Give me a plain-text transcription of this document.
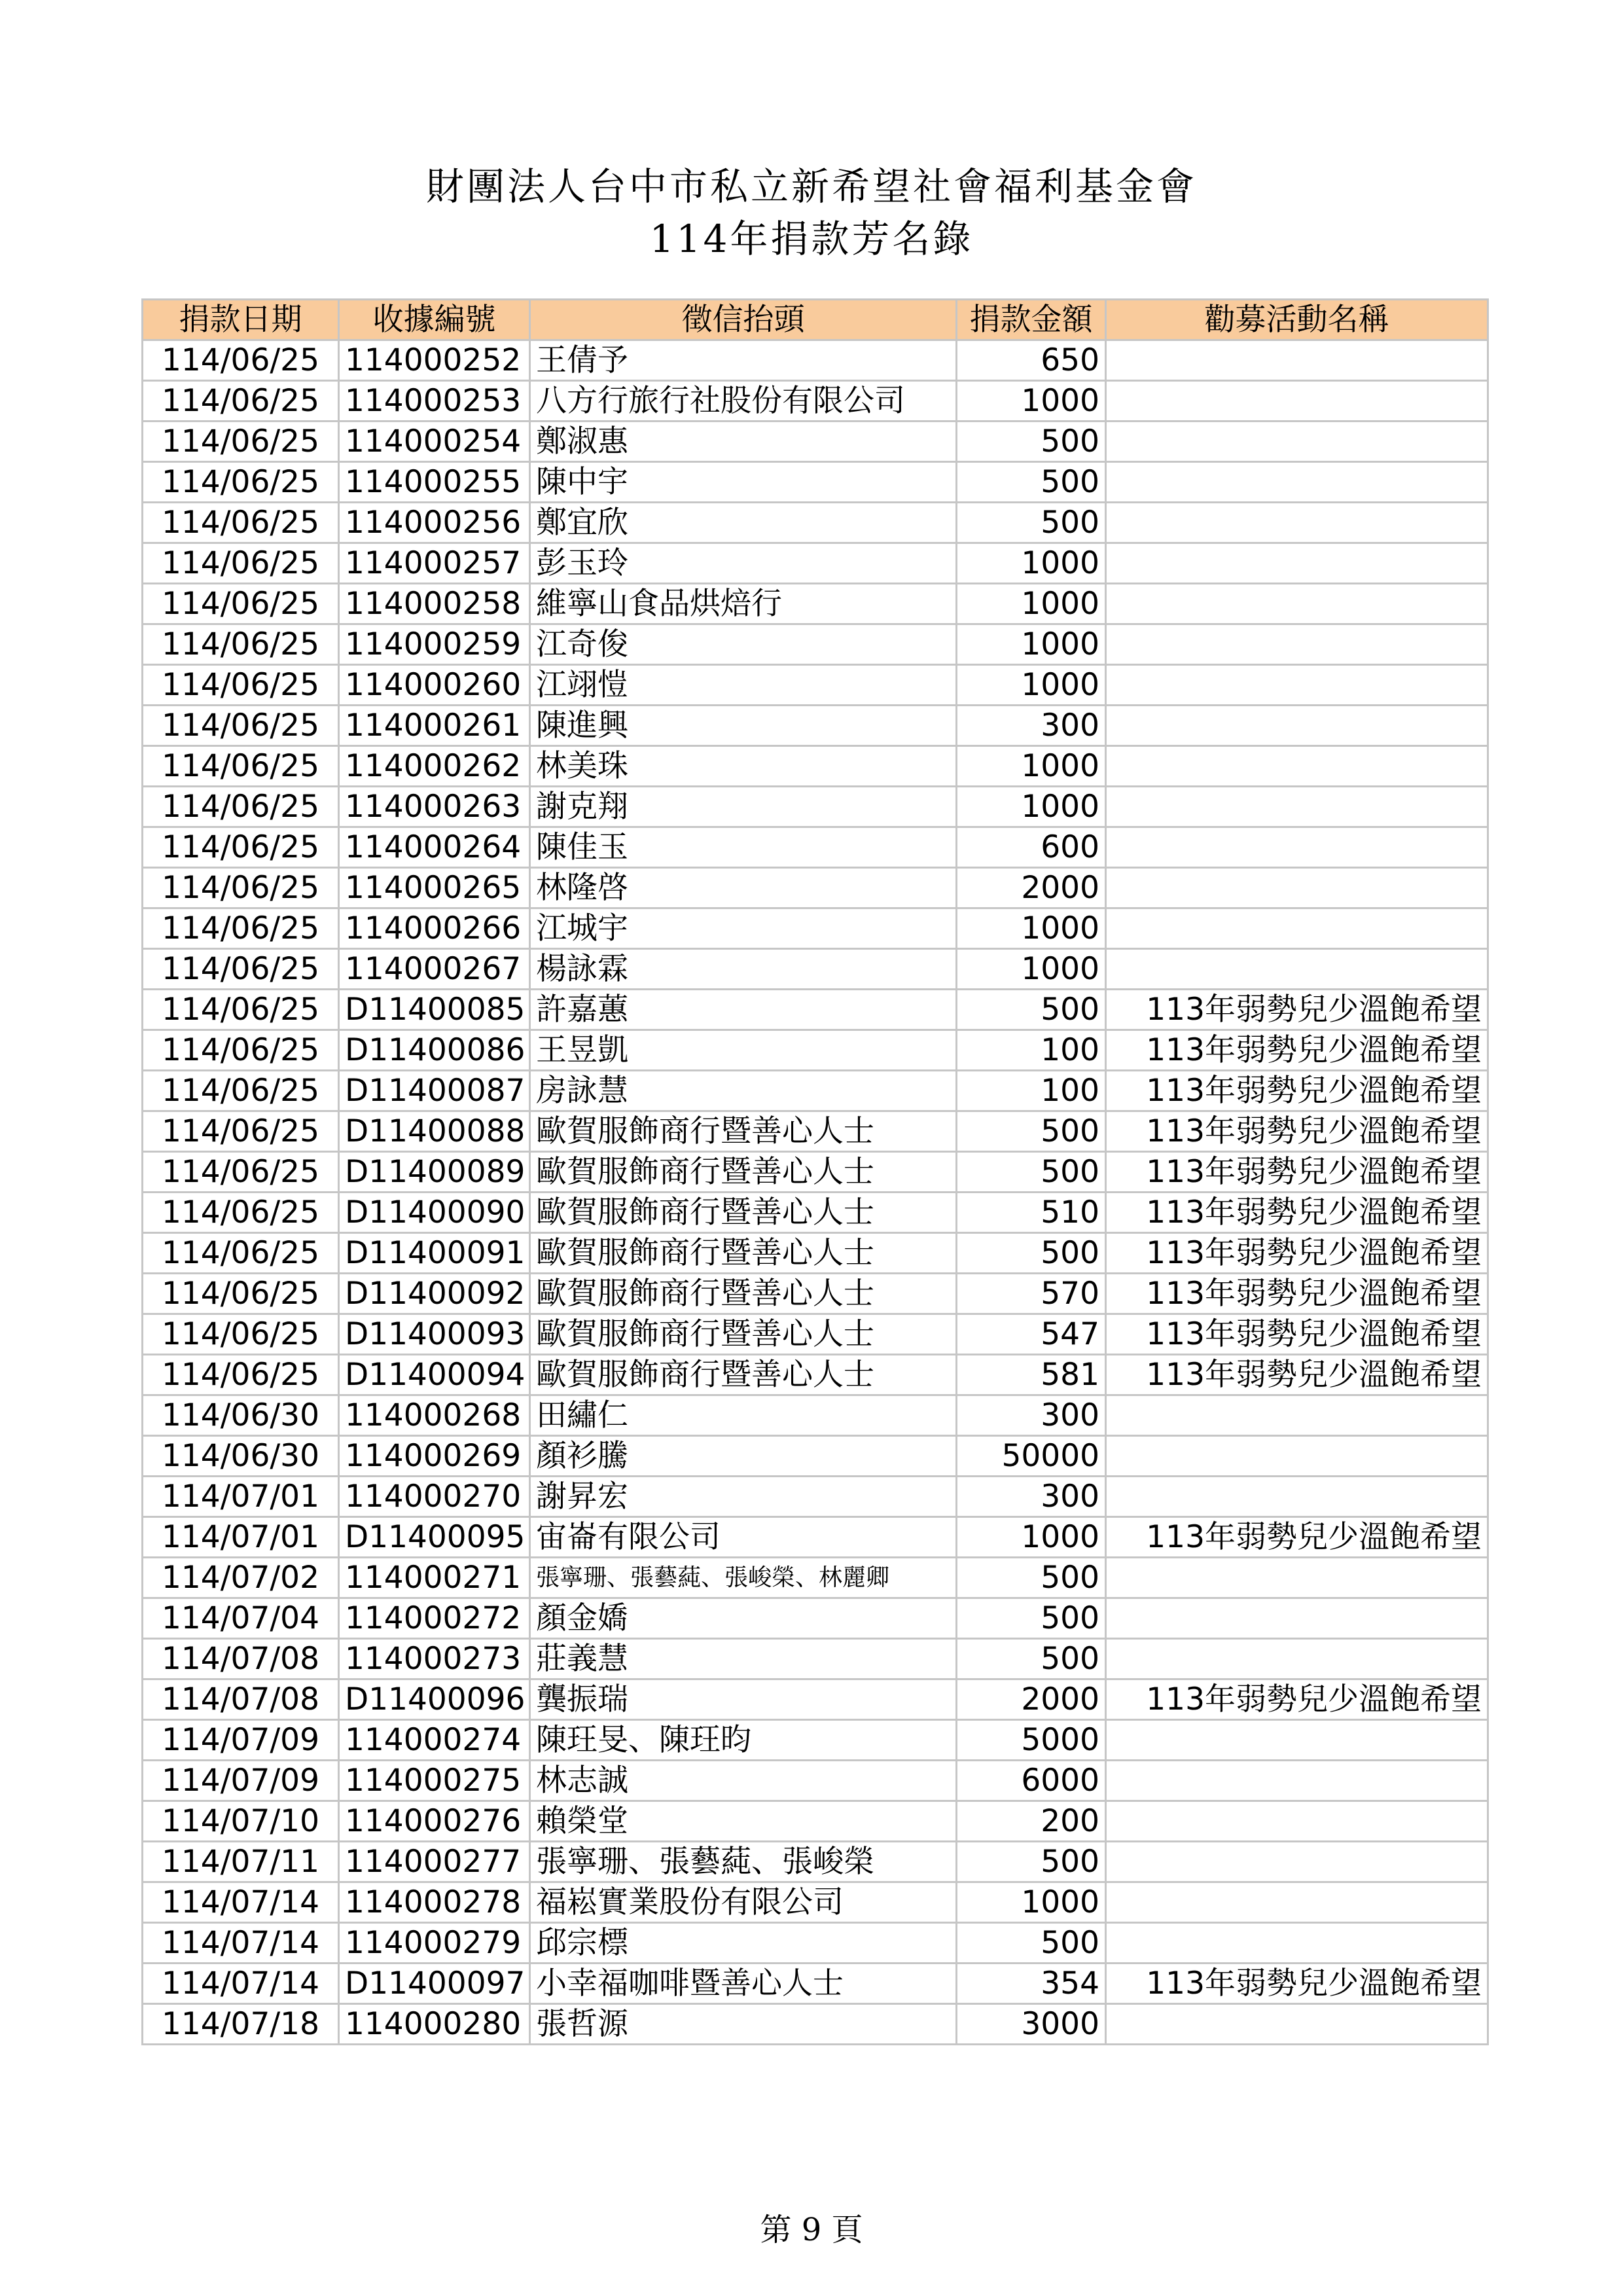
財團法人台中市私立新希望社會福利基金會
114年捐款芳名錄
捐款日期	收據編號	徵信抬頭	捐款金額	勸募活動名稱
114/06/25	114000252	王倩予	650	
114/06/25	114000253	八方行旅行社股份有限公司	1000	
114/06/25	114000254	鄭淑惠	500	
114/06/25	114000255	陳中宇	500	
114/06/25	114000256	鄭宜欣	500	
114/06/25	114000257	彭玉玲	1000	
114/06/25	114000258	維寧山食品烘焙行	1000	
114/06/25	114000259	江奇俊	1000	
114/06/25	114000260	江翊愷	1000	
114/06/25	114000261	陳進興	300	
114/06/25	114000262	林美珠	1000	
114/06/25	114000263	謝克翔	1000	
114/06/25	114000264	陳佳玉	600	
114/06/25	114000265	林隆啓	2000	
114/06/25	114000266	江城宇	1000	
114/06/25	114000267	楊詠霖	1000	
114/06/25	D11400085	許嘉蕙	500	113年弱勢兒少溫飽希望
114/06/25	D11400086	王昱凱	100	113年弱勢兒少溫飽希望
114/06/25	D11400087	房詠慧	100	113年弱勢兒少溫飽希望
114/06/25	D11400088	歐賀服飾商行暨善心人士	500	113年弱勢兒少溫飽希望
114/06/25	D11400089	歐賀服飾商行暨善心人士	500	113年弱勢兒少溫飽希望
114/06/25	D11400090	歐賀服飾商行暨善心人士	510	113年弱勢兒少溫飽希望
114/06/25	D11400091	歐賀服飾商行暨善心人士	500	113年弱勢兒少溫飽希望
114/06/25	D11400092	歐賀服飾商行暨善心人士	570	113年弱勢兒少溫飽希望
114/06/25	D11400093	歐賀服飾商行暨善心人士	547	113年弱勢兒少溫飽希望
114/06/25	D11400094	歐賀服飾商行暨善心人士	581	113年弱勢兒少溫飽希望
114/06/30	114000268	田繡仁	300	
114/06/30	114000269	顏衫騰	50000	
114/07/01	114000270	謝昇宏	300	
114/07/01	D11400095	宙崙有限公司	1000	113年弱勢兒少溫飽希望
114/07/02	114000271	張寧珊、張藝蒓、張峻榮、林麗卿	500	
114/07/04	114000272	顏金嬌	500	
114/07/08	114000273	莊義慧	500	
114/07/08	D11400096	龔振瑞	2000	113年弱勢兒少溫飽希望
114/07/09	114000274	陳玨旻、陳玨昀	5000	
114/07/09	114000275	林志誠	6000	
114/07/10	114000276	賴榮堂	200	
114/07/11	114000277	張寧珊、張藝蒓、張峻榮	500	
114/07/14	114000278	福崧實業股份有限公司	1000	
114/07/14	114000279	邱宗標	500	
114/07/14	D11400097	小幸福咖啡暨善心人士	354	113年弱勢兒少溫飽希望
114/07/18	114000280	張哲源	3000	
第 9 頁
